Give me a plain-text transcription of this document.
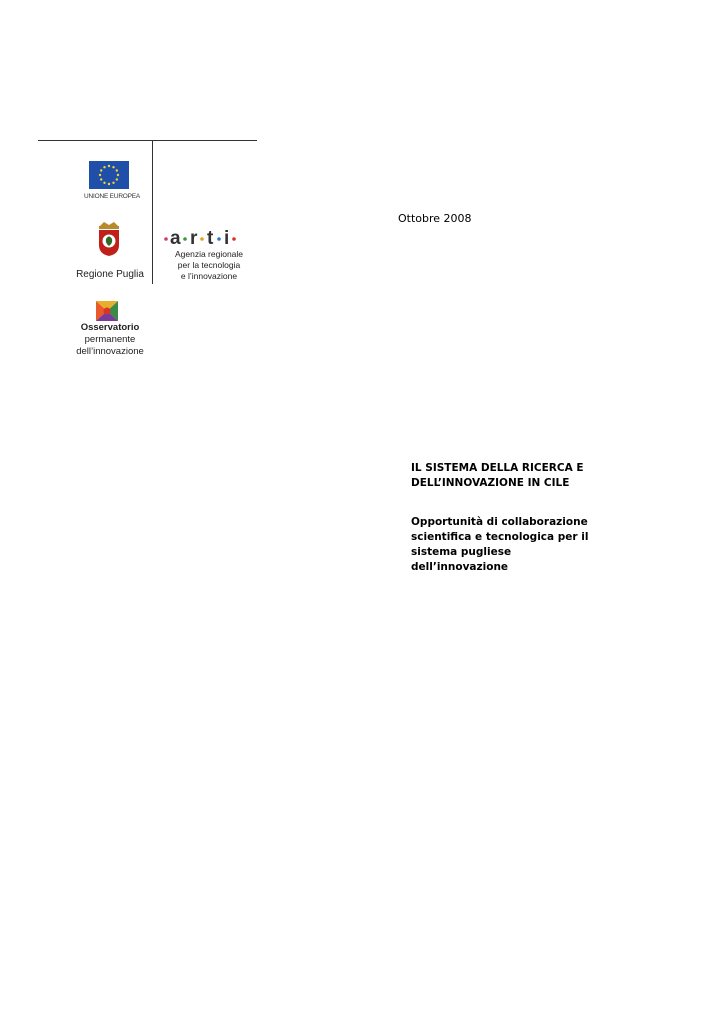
UNIONE EUROPEA
Regione Puglia
a r t i
Agenzia regionale
per la tecnologia
e l’innovazione
Osservatorio
permanente
dell’innovazione
Ottobre 2008
IL SISTEMA DELLA RICERCA E
DELL’INNOVAZIONE IN CILE
Opportunità di collaborazione
scientifica e tecnologica per il
sistema pugliese
dell’innovazione
